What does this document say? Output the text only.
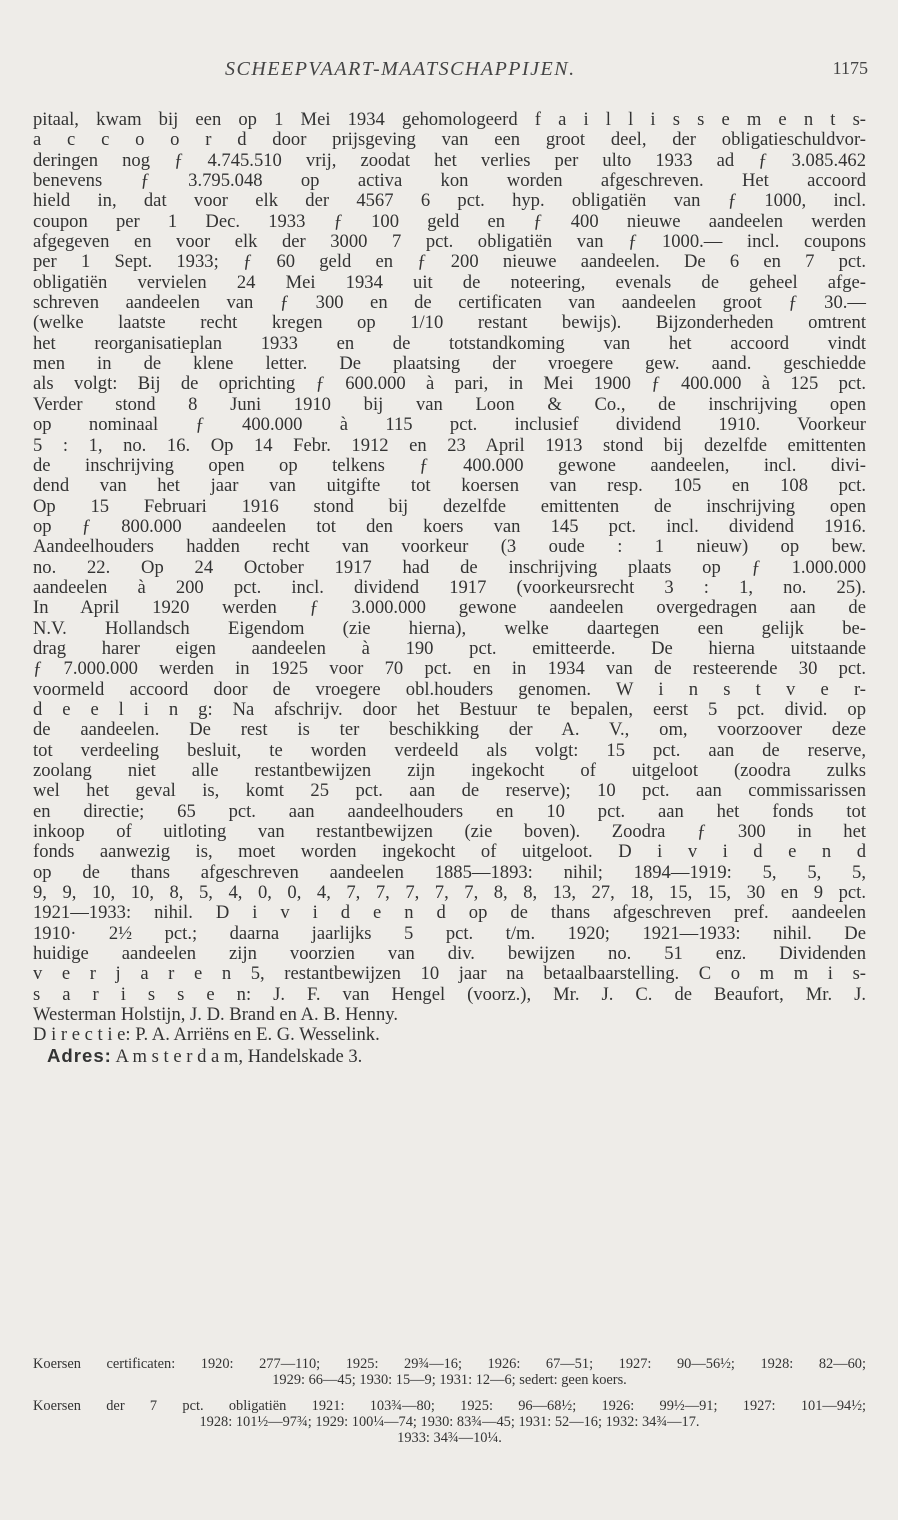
SCHEEPVAART-MAATSCHAPPIJEN.	1175
pitaal, kwam bij een op 1 Mei 1934 gehomologeerd f a i l l i s s e m e n t s-
a c c o o r d door prijsgeving van een groot deel, der obligatieschuldvor-
deringen nog ƒ 4.745.510 vrij, zoodat het verlies per ulto 1933 ad ƒ 3.085.462
benevens ƒ 3.795.048 op activa kon worden afgeschreven. Het accoord
hield in, dat voor elk der 4567 6 pct. hyp. obligatiën van ƒ 1000, incl.
coupon per 1 Dec. 1933 ƒ 100 geld en ƒ 400 nieuwe aandeelen werden
afgegeven en voor elk der 3000 7 pct. obligatiën van ƒ 1000.— incl. coupons
per 1 Sept. 1933; ƒ 60 geld en ƒ 200 nieuwe aandeelen. De 6 en 7 pct.
obligatiën vervielen 24 Mei 1934 uit de noteering, evenals de geheel afge-
schreven aandeelen van ƒ 300 en de certificaten van aandeelen groot ƒ 30.—
(welke laatste recht kregen op 1/10 restant bewijs). Bijzonderheden omtrent
het reorganisatieplan 1933 en de totstandkoming van het accoord vindt
men in de klene letter. De plaatsing der vroegere gew. aand. geschiedde
als volgt: Bij de oprichting ƒ 600.000 à pari, in Mei 1900 ƒ 400.000 à 125 pct.
Verder stond 8 Juni 1910 bij van Loon & Co., de inschrijving open
op nominaal ƒ 400.000 à 115 pct. inclusief dividend 1910. Voorkeur
5 : 1, no. 16. Op 14 Febr. 1912 en 23 April 1913 stond bij dezelfde emittenten
de inschrijving open op telkens ƒ 400.000 gewone aandeelen, incl. divi-
dend van het jaar van uitgifte tot koersen van resp. 105 en 108 pct.
Op 15 Februari 1916 stond bij dezelfde emittenten de inschrijving open
op ƒ 800.000 aandeelen tot den koers van 145 pct. incl. dividend 1916.
Aandeelhouders hadden recht van voorkeur (3 oude : 1 nieuw) op bew.
no. 22. Op 24 October 1917 had de inschrijving plaats op ƒ 1.000.000
aandeelen à 200 pct. incl. dividend 1917 (voorkeursrecht 3 : 1, no. 25).
In April 1920 werden ƒ 3.000.000 gewone aandeelen overgedragen aan de
N.V. Hollandsch Eigendom (zie hierna), welke daartegen een gelijk be-
drag harer eigen aandeelen à 190 pct. emitteerde. De hierna uitstaande
ƒ 7.000.000 werden in 1925 voor 70 pct. en in 1934 van de resteerende 30 pct.
voormeld accoord door de vroegere obl.houders genomen. W i n s t v e r-
d e e l i n g: Na afschrijv. door het Bestuur te bepalen, eerst 5 pct. divid. op
de aandeelen. De rest is ter beschikking der A. V., om, voorzoover deze
tot verdeeling besluit, te worden verdeeld als volgt: 15 pct. aan de reserve,
zoolang niet alle restantbewijzen zijn ingekocht of uitgeloot (zoodra zulks
wel het geval is, komt 25 pct. aan de reserve); 10 pct. aan commissarissen
en directie; 65 pct. aan aandeelhouders en 10 pct. aan het fonds tot
inkoop of uitloting van restantbewijzen (zie boven). Zoodra ƒ 300 in het
fonds aanwezig is, moet worden ingekocht of uitgeloot. D i v i d e n d
op de thans afgeschreven aandeelen 1885—1893: nihil; 1894—1919: 5, 5, 5,
9, 9, 10, 10, 8, 5, 4, 0, 0, 4, 7, 7, 7, 7, 7, 8, 8, 13, 27, 18, 15, 15, 30 en 9 pct.
1921—1933: nihil. D i v i d e n d op de thans afgeschreven pref. aandeelen
1910· 2½ pct.; daarna jaarlijks 5 pct. t/m. 1920; 1921—1933: nihil. De
huidige aandeelen zijn voorzien van div. bewijzen no. 51 enz. Dividenden
v e r j a r e n 5, restantbewijzen 10 jaar na betaalbaarstelling. C o m m i s-
s a r i s s e n: J. F. van Hengel (voorz.), Mr. J. C. de Beaufort, Mr. J.
Westerman Holstijn, J. D. Brand en A. B. Henny.
D i r e c t i e: P. A. Arriëns en E. G. Wesselink.
Adres: A m s t e r d a m, Handelskade 3.
Koersen certificaten: 1920: 277—110; 1925: 29¾—16; 1926: 67—51; 1927: 90—56½; 1928: 82—60;
1929: 66—45; 1930: 15—9; 1931: 12—6; sedert: geen koers.
Koersen der 7 pct. obligatiën 1921: 103¾—80; 1925: 96—68½; 1926: 99½—91; 1927: 101—94½;
1928: 101½—97¾; 1929: 100¼—74; 1930: 83¾—45; 1931: 52—16; 1932: 34¾—17.
1933: 34¾—10¼.
